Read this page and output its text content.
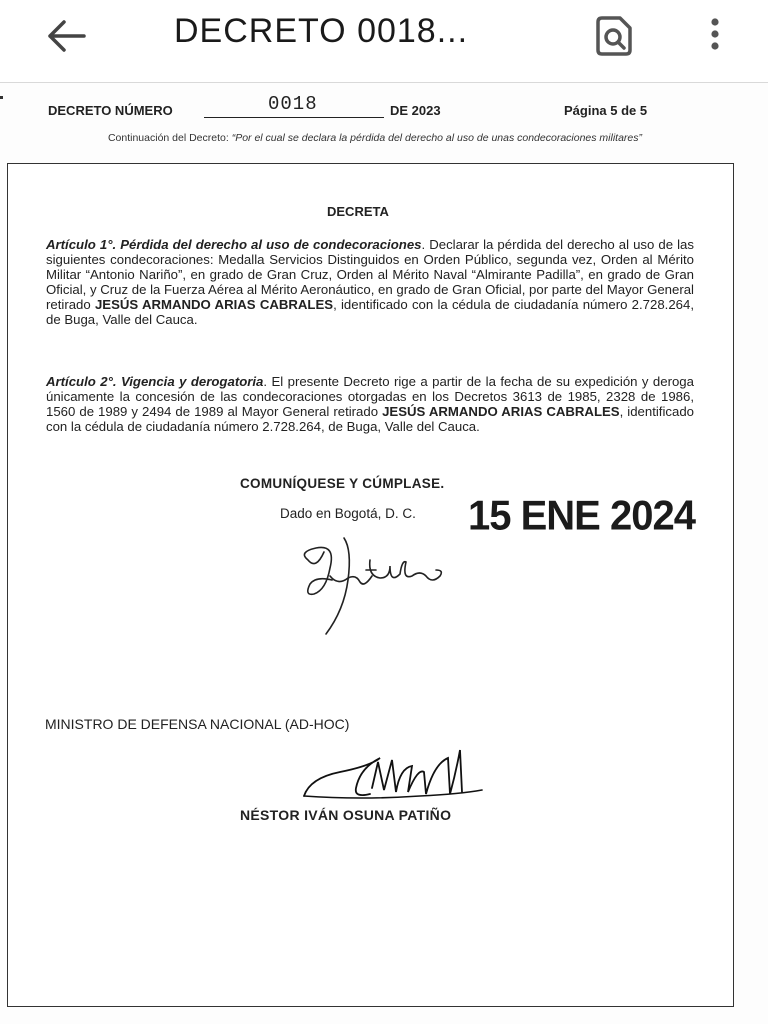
DECRETO 0018...
DECRETO NÚMERO	0018	DE 2023	Página 5 de 5
Continuación del Decreto: “Por el cual se declara la pérdida del derecho al uso de unas condecoraciones militares”
DECRETA
Artículo 1°. Pérdida del derecho al uso de condecoraciones. Declarar la pérdida del derecho al uso de las siguientes condecoraciones: Medalla Servicios Distinguidos en Orden Público, segunda vez, Orden al Mérito Militar “Antonio Nariño”, en grado de Gran Cruz, Orden al Mérito Naval “Almirante Padilla”, en grado de Gran Oficial, y Cruz de la Fuerza Aérea al Mérito Aeronáutico, en grado de Gran Oficial, por parte del Mayor General retirado JESÚS ARMANDO ARIAS CABRALES, identificado con la cédula de ciudadanía número 2.728.264, de Buga, Valle del Cauca.
Artículo 2°. Vigencia y derogatoria. El presente Decreto rige a partir de la fecha de su expedición y deroga únicamente la concesión de las condecoraciones otorgadas en los Decretos 3613 de 1985, 2328 de 1986, 1560 de 1989 y 2494 de 1989 al Mayor General retirado JESÚS ARMANDO ARIAS CABRALES, identificado con la cédula de ciudadanía número 2.728.264, de Buga, Valle del Cauca.
COMUNÍQUESE Y CÚMPLASE.
Dado en Bogotá, D. C. 15 ENE 2024
MINISTRO DE DEFENSA NACIONAL (AD-HOC)
NÉSTOR IVÁN OSUNA PATIÑO
